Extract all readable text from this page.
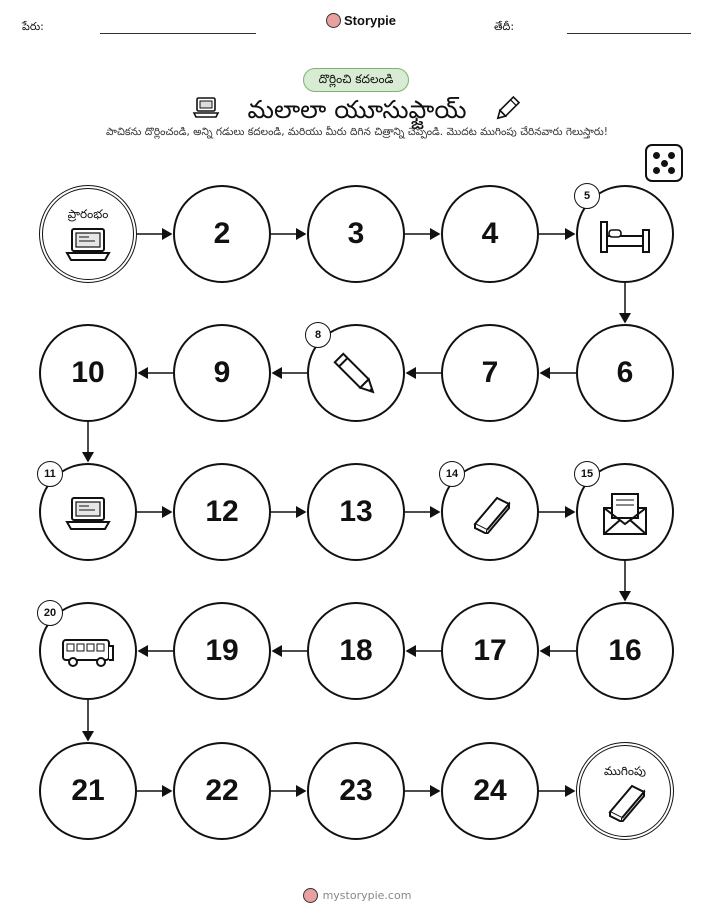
పేరు:	Storypie	తేదీ:
దొర్లించి కదలండి
మలాలా యూసుఫ్జాయ్
పాచికను దొర్లించండి, అన్ని గడులు కదలండి, మరియు మీరు దిగిన చిత్రాన్ని చెప్పండి. మొదట ముగింపు చేరినవారు గెలుస్తారు!
ప్రారంభం
2	3	4
5
6
7
8
9
10
11
12	13
14	15
16
17
18
19
20
21	22	23	24
ముగింపు
mystorypie.com
